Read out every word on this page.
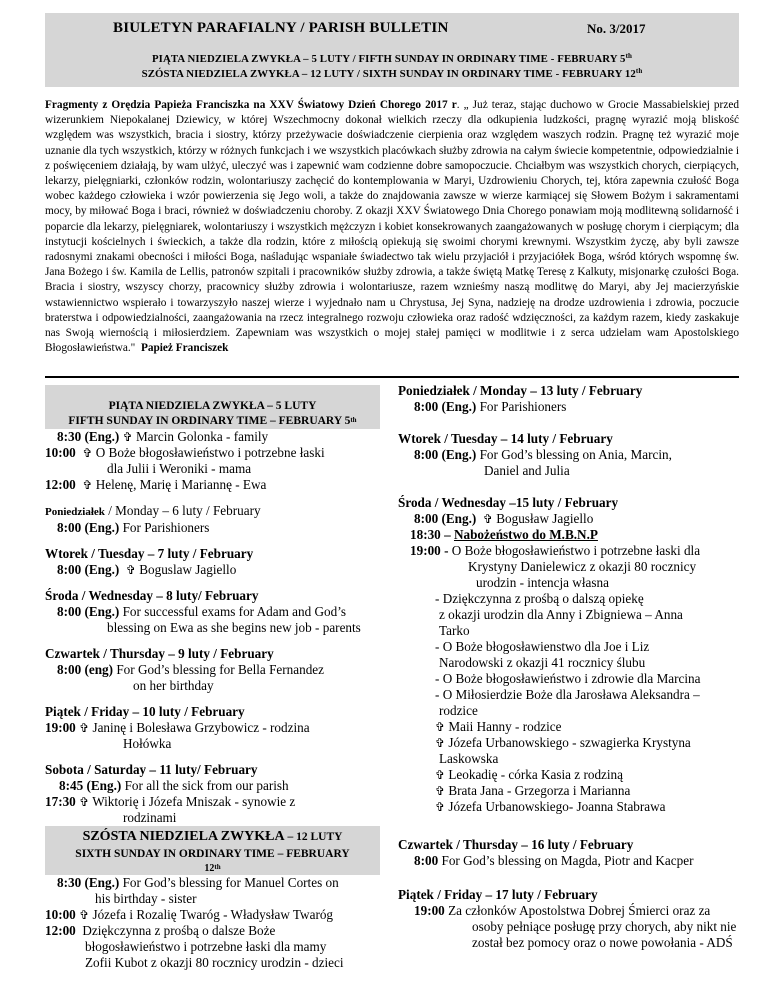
BIULETYN PARAFIALNY / PARISH BULLETIN	No. 3/2017
PIĄTA NIEDZIELA ZWYKŁA – 5 LUTY / FIFTH SUNDAY IN ORDINARY TIME - FEBRUARY 5th
SZÓSTA NIEDZIELA ZWYKŁA – 12 LUTY / SIXTH SUNDAY IN ORDINARY TIME - FEBRUARY 12th
Fragmenty z Orędzia Papieża Franciszka na XXV Światowy Dzień Chorego 2017 r. „ Już teraz, stając duchowo w Grocie Massabielskiej przed wizerunkiem Niepokalanej Dziewicy, w której Wszechmocny dokonał wielkich rzeczy dla odkupienia ludzkości, pragnę wyrazić moją bliskość względem was wszystkich, bracia i siostry, którzy przeżywacie doświadczenie cierpienia oraz względem waszych rodzin. Pragnę też wyrazić moje uznanie dla tych wszystkich, którzy w różnych funkcjach i we wszystkich placówkach służby zdrowia na całym świecie kompetentnie, odpowiedzialnie i z poświęceniem działają, by wam ulżyć, uleczyć was i zapewnić wam codzienne dobre samopoczucie. Chciałbym was wszystkich chorych, cierpiących, lekarzy, pielęgniarki, członków rodzin, wolontariuszy zachęcić do kontemplowania w Maryi, Uzdrowieniu Chorych, tej, która zapewnia czułość Boga wobec każdego człowieka i wzór powierzenia się Jego woli, a także do znajdowania zawsze w wierze karmiącej się Słowem Bożym i sakramentami mocy, by miłować Boga i braci, również w doświadczeniu choroby. Z okazji XXV Światowego Dnia Chorego ponawiam moją modlitewną solidarność i poparcie dla lekarzy, pielęgniarek, wolontariuszy i wszystkich mężczyzn i kobiet konsekrowanych zaangażowanych w posługę chorym i cierpiącym; dla instytucji kościelnych i świeckich, a także dla rodzin, które z miłością opiekują się swoimi chorymi krewnymi. Wszystkim życzę, aby byli zawsze radosnymi znakami obecności i miłości Boga, naśladując wspaniałe świadectwo tak wielu przyjaciół i przyjaciółek Boga, wśród których wspomnę św. Jana Bożego i św. Kamila de Lellis, patronów szpitali i pracowników służby zdrowia, a także świętą Matkę Teresę z Kalkuty, misjonarkę czułości Boga. Bracia i siostry, wszyscy chorzy, pracownicy służby zdrowia i wolontariusze, razem wznieśmy naszą modlitwę do Maryi, aby Jej macierzyńskie wstawiennictwo wspierało i towarzyszyło naszej wierze i wyjednało nam u Chrystusa, Jej Syna, nadzieję na drodze uzdrowienia i zdrowia, poczucie braterstwa i odpowiedzialności, zaangażowania na rzecz integralnego rozwoju człowieka oraz radość wdzięczności, za każdym razem, kiedy zaskakuje nas Swoją wiernością i miłosierdziem. Zapewniam was wszystkich o mojej stałej pamięci w modlitwie i z serca udzielam wam Apostolskiego Błogosławieństwa." Papież Franciszek
PIĄTA NIEDZIELA ZWYKŁA – 5 LUTY
FIFTH SUNDAY IN ORDINARY TIME – FEBRUARY 5th
8:30 (Eng.) ✞ Marcin Golonka - family
10:00 ✞ O Boże błogosławieństwo i potrzebne łaski
dla Julii i Weroniki - mama
12:00 ✞ Helenę, Marię i Mariannę - Ewa
Poniedziałek / Monday – 6 luty / February
8:00 (Eng.) For Parishioners
Wtorek / Tuesday – 7 luty / February
8:00 (Eng.) ✞ Boguslaw Jagiello
Środa / Wednesday – 8 luty/ February
8:00 (Eng.) For successful exams for Adam and God’s
blessing on Ewa as she begins new job - parents
Czwartek / Thursday – 9 luty / February
8:00 (eng) For God’s blessing for Bella Fernandez
on her birthday
Piątek / Friday – 10 luty / February
19:00 ✞ Janinę i Bolesława Grzybowicz - rodzina
Hołówka
Sobota / Saturday – 11 luty/ February
8:45 (Eng.) For all the sick from our parish
17:30 ✞ Wiktorię i Józefa Mniszak - synowie z
rodzinami
SZÓSTA NIEDZIELA ZWYKŁA – 12 LUTY
SIXTH SUNDAY IN ORDINARY TIME – FEBRUARY
12th
8:30 (Eng.) For God’s blessing for Manuel Cortes on
his birthday - sister
10:00 ✞ Józefa i Rozalię Twaróg - Władysław Twaróg
12:00  Dziękczynna z prośbą o dalsze Boże
błogosławieństwo i potrzebne łaski dla mamy
Zofii Kubot z okazji 80 rocznicy urodzin - dzieci
Poniedziałek / Monday – 13 luty / February
8:00 (Eng.) For Parishioners
Wtorek / Tuesday – 14 luty / February
8:00 (Eng.) For God’s blessing on Ania, Marcin,
Daniel and Julia
Środa / Wednesday –15 luty / February
8:00 (Eng.) ✞ Bogusław Jagiello
18:30 – Nabożeństwo do M.B.N.P
19:00 - O Boże błogosławieństwo i potrzebne łaski dla
Krystyny Danielewicz z okazji 80 rocznicy
urodzin - intencja własna
- Dziękczynna z prośbą o dalszą opiekę
z okazji urodzin dla Anny i Zbigniewa – Anna
Tarko
- O Boże błogosławienstwo dla Joe i Liz
Narodowski z okazji 41 rocznicy ślubu
- O Boże błogosławieństwo i zdrowie dla Marcina
- O Miłosierdzie Boże dla Jarosława Aleksandra –
rodzice
✞ Maii Hanny - rodzice
✞ Józefa Urbanowskiego - szwagierka Krystyna
Laskowska
✞ Leokadię - córka Kasia z rodziną
✞ Brata Jana - Grzegorza i Marianna
✞ Józefa Urbanowskiego- Joanna Stabrawa
Czwartek / Thursday – 16 luty / February
8:00 For God’s blessing on Magda, Piotr and Kacper
Piątek / Friday – 17 luty / February
19:00 Za członków Apostolstwa Dobrej Śmierci oraz za
osoby pełniące posługę przy chorych, aby nikt nie
został bez pomocy oraz o nowe powołania - ADŚ
